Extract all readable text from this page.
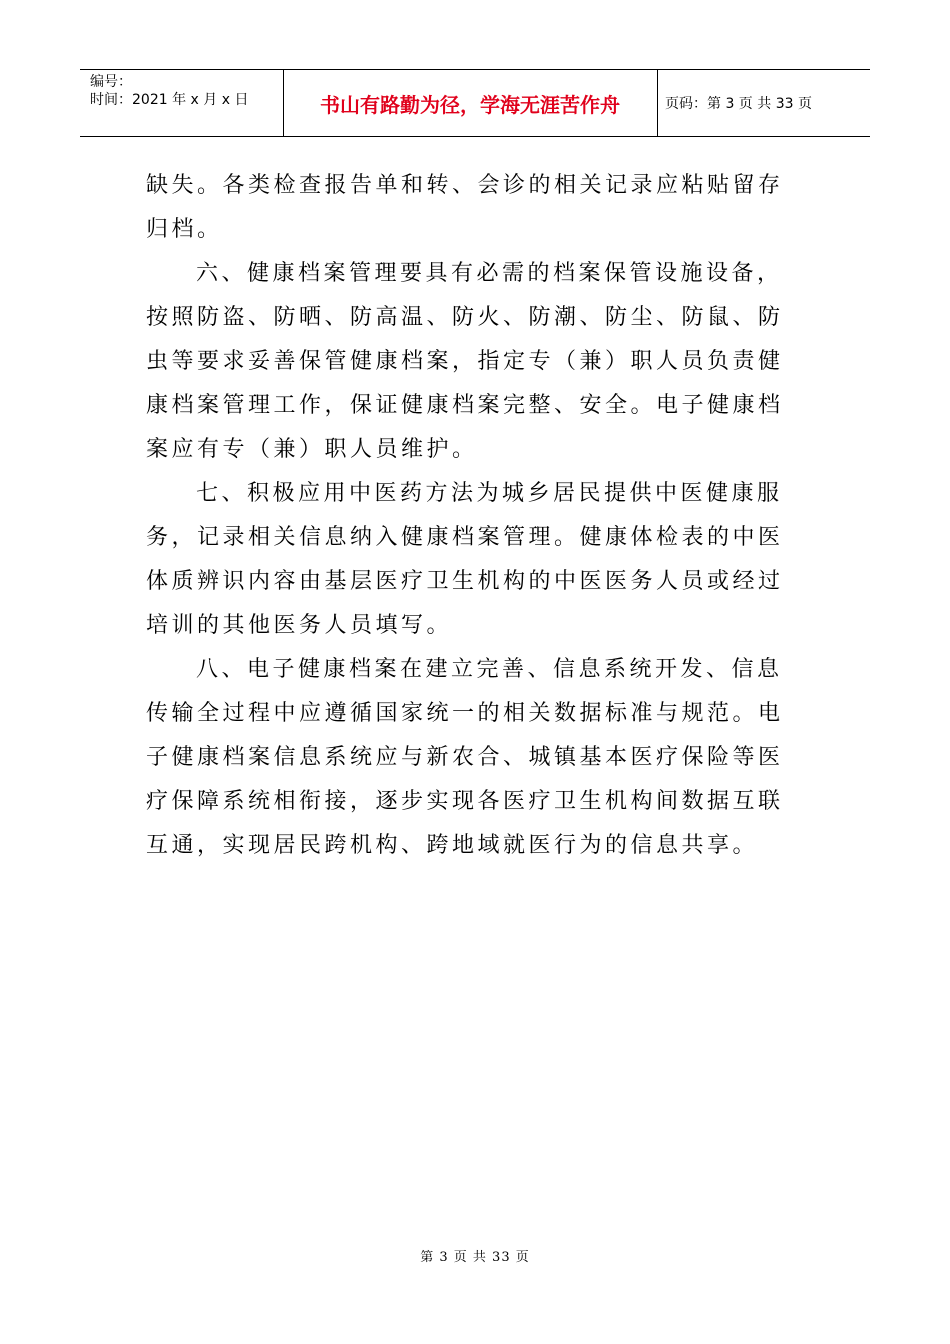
编号：
时间：2021 年 x 月 x 日	书山有路勤为径，学海无涯苦作舟	页码：第 3 页 共 33 页

缺失。各类检查报告单和转、会诊的相关记录应粘贴留存归档。

六、健康档案管理要具有必需的档案保管设施设备，按照防盗、防晒、防高温、防火、防潮、防尘、防鼠、防虫等要求妥善保管健康档案，指定专（兼）职人员负责健康档案管理工作，保证健康档案完整、安全。电子健康档案应有专（兼）职人员维护。

七、积极应用中医药方法为城乡居民提供中医健康服务，记录相关信息纳入健康档案管理。健康体检表的中医体质辨识内容由基层医疗卫生机构的中医医务人员或经过培训的其他医务人员填写。

八、电子健康档案在建立完善、信息系统开发、信息传输全过程中应遵循国家统一的相关数据标准与规范。电子健康档案信息系统应与新农合、城镇基本医疗保险等医疗保障系统相衔接，逐步实现各医疗卫生机构间数据互联互通，实现居民跨机构、跨地域就医行为的信息共享。

第 3 页 共 33 页
